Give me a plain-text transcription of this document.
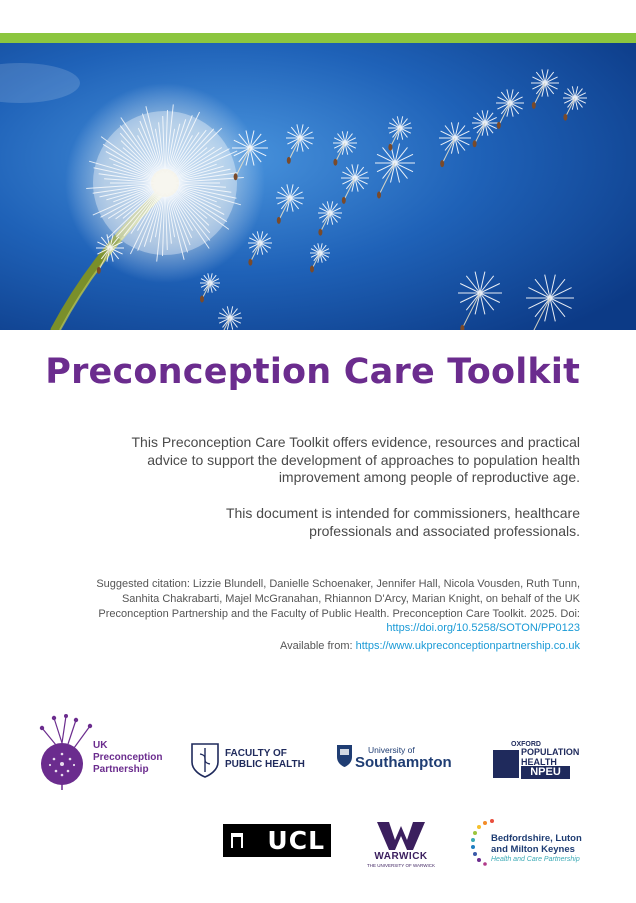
Preconception Care Toolkit
This Preconception Care Toolkit offers evidence, resources and practical advice to support the development of approaches to population health improvement among people of reproductive age.
This document is intended for commissioners, healthcare professionals and associated professionals.
Suggested citation: Lizzie Blundell, Danielle Schoenaker, Jennifer Hall, Nicola Vousden, Ruth Tunn, Sanhita Chakrabarti, Majel McGranahan, Rhiannon D'Arcy, Marian Knight, on behalf of the UK Preconception Partnership and the Faculty of Public Health. Preconception Care Toolkit. 2025. Doi: https://doi.org/10.5258/SOTON/PP0123
Available from: https://www.ukpreconceptionpartnership.co.uk
UK
Preconception
Partnership
FACULTY OF
PUBLIC HEALTH
University of
Southampton
OXFORD
POPULATION
HEALTH
NPEU
UCL
WARWICK
THE UNIVERSITY OF WARWICK
Bedfordshire, Luton
and Milton Keynes
Health and Care Partnership
